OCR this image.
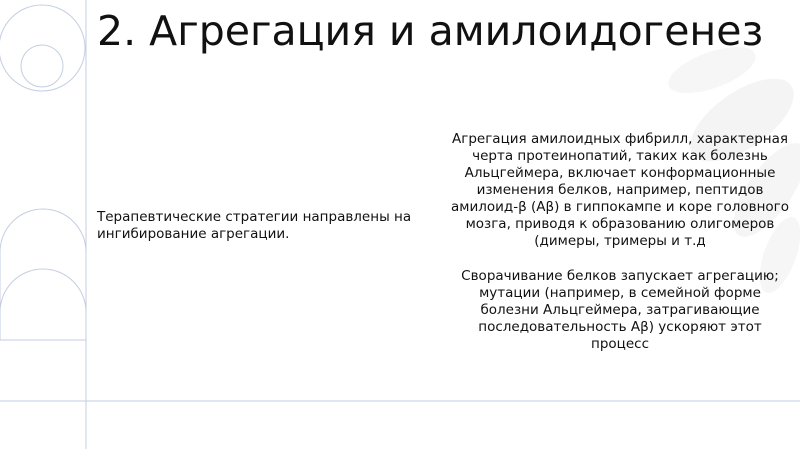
2. Агрегация и амилоидогенез
Терапевтические стратегии направлены на ингибирование агрегации.

Агрегация амилоидных фибрилл, характерная черта протеинопатий, таких как болезнь Альцгеймера, включает конформационные изменения белков, например, пептидов амилоид-β (Aβ) в гиппокампе и коре головного мозга, приводя к образованию олигомеров (димеры, тримеры и т.д

Сворачивание белков запускает агрегацию; мутации (например, в семейной форме болезни Альцгеймера, затрагивающие последовательность Aβ) ускоряют этот процесс
